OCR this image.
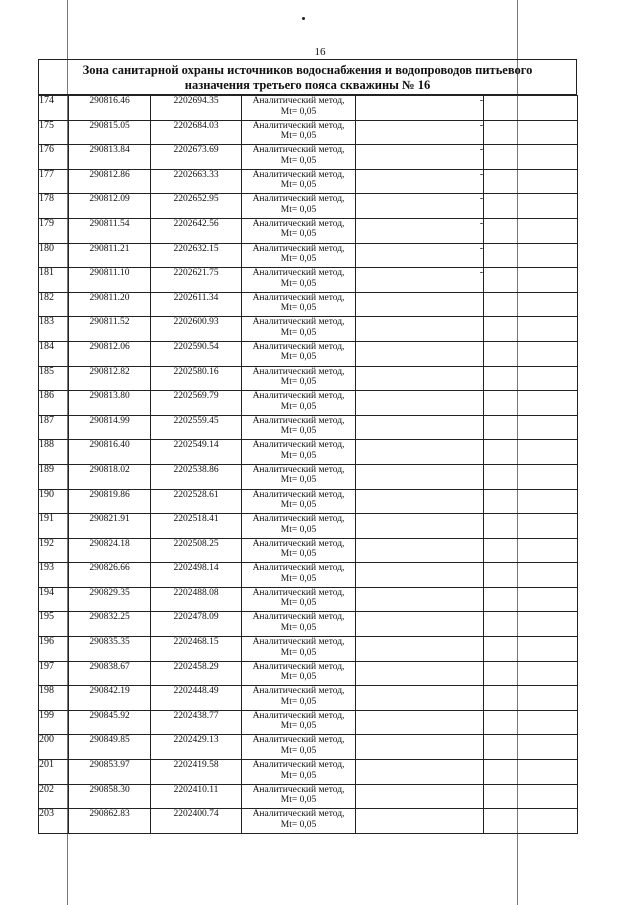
16
Зона санитарной охраны источников водоснабжения и водопроводов питьевого
назначения третьего пояса скважины № 16
174	290816.46	2202694.35	Аналитический метод,
Mt= 0,05	-	
175	290815.05	2202684.03	Аналитический метод,
Mt= 0,05	-	
176	290813.84	2202673.69	Аналитический метод,
Mt= 0,05	-	
177	290812.86	2202663.33	Аналитический метод,
Mt= 0,05	-	
178	290812.09	2202652.95	Аналитический метод,
Mt= 0,05	-	
179	290811.54	2202642.56	Аналитический метод,
Mt= 0,05	-	
180	290811.21	2202632.15	Аналитический метод,
Mt= 0,05	-	
181	290811.10	2202621.75	Аналитический метод,
Mt= 0,05	-	
182	290811.20	2202611.34	Аналитический метод,
Mt= 0,05		

183	290811.52	2202600.93	Аналитический метод,
Mt= 0,05		

184	290812.06	2202590.54	Аналитический метод,
Mt= 0,05		

185	290812.82	2202580.16	Аналитический метод,
Mt= 0,05		

186	290813.80	2202569.79	Аналитический метод,
Mt= 0,05		

187	290814.99	2202559.45	Аналитический метод,
Mt= 0,05		

188	290816.40	2202549.14	Аналитический метод,
Mt= 0,05		

189	290818.02	2202538.86	Аналитический метод,
Mt= 0,05		

190	290819.86	2202528.61	Аналитический метод,
Mt= 0,05		

191	290821.91	2202518.41	Аналитический метод,
Mt= 0,05		

192	290824.18	2202508.25	Аналитический метод,
Mt= 0,05		

193	290826.66	2202498.14	Аналитический метод,
Mt= 0,05		

194	290829.35	2202488.08	Аналитический метод,
Mt= 0,05		

195	290832.25	2202478.09	Аналитический метод,
Mt= 0,05		

196	290835.35	2202468.15	Аналитический метод,
Mt= 0,05		

197	290838.67	2202458.29	Аналитический метод,
Mt= 0,05		

198	290842.19	2202448.49	Аналитический метод,
Mt= 0,05		

199	290845.92	2202438.77	Аналитический метод,
Mt= 0,05		

200	290849.85	2202429.13	Аналитический метод,
Mt= 0,05		

201	290853.97	2202419.58	Аналитический метод,
Mt= 0,05		

202	290858.30	2202410.11	Аналитический метод,
Mt= 0,05		

203	290862.83	2202400.74	Аналитический метод,
Mt= 0,05		
